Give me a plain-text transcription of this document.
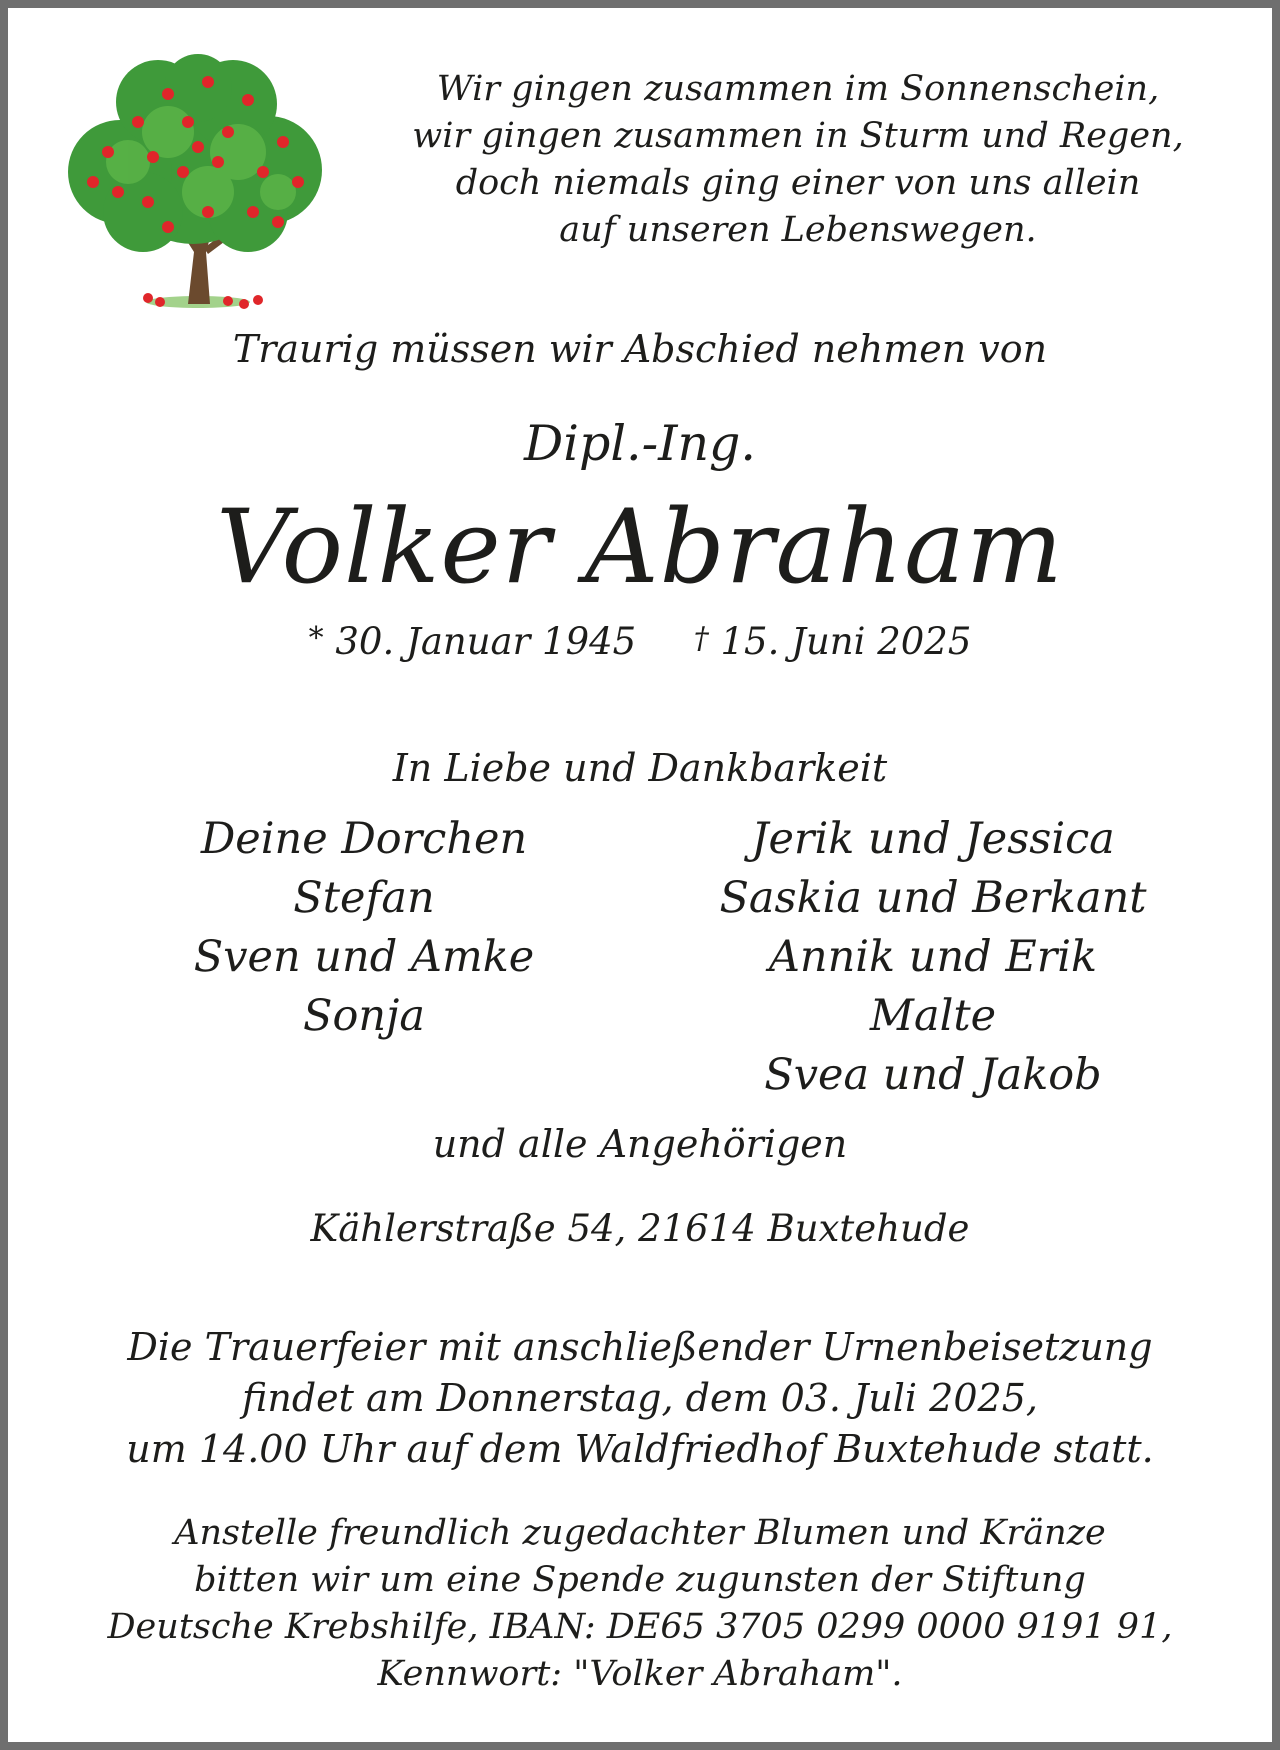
Wir gingen zusammen im Sonnenschein,
wir gingen zusammen in Sturm und Regen,
doch niemals ging einer von uns allein
auf unseren Lebenswegen.
Traurig müssen wir Abschied nehmen von
Dipl.-Ing.
Volker Abraham
* 30. Januar 1945 † 15. Juni 2025
In Liebe und Dankbarkeit
Deine Dorchen
Stefan
Sven und Amke
Sonja
Jerik und Jessica
Saskia und Berkant
Annik und Erik
Malte
Svea und Jakob
und alle Angehörigen
Kählerstraße 54, 21614 Buxtehude
Die Trauerfeier mit anschließender Urnenbeisetzung
findet am Donnerstag, dem 03. Juli 2025,
um 14.00 Uhr auf dem Waldfriedhof Buxtehude statt.
Anstelle freundlich zugedachter Blumen und Kränze
bitten wir um eine Spende zugunsten der Stiftung
Deutsche Krebshilfe, IBAN: DE65 3705 0299 0000 9191 91,
Kennwort: "Volker Abraham".
